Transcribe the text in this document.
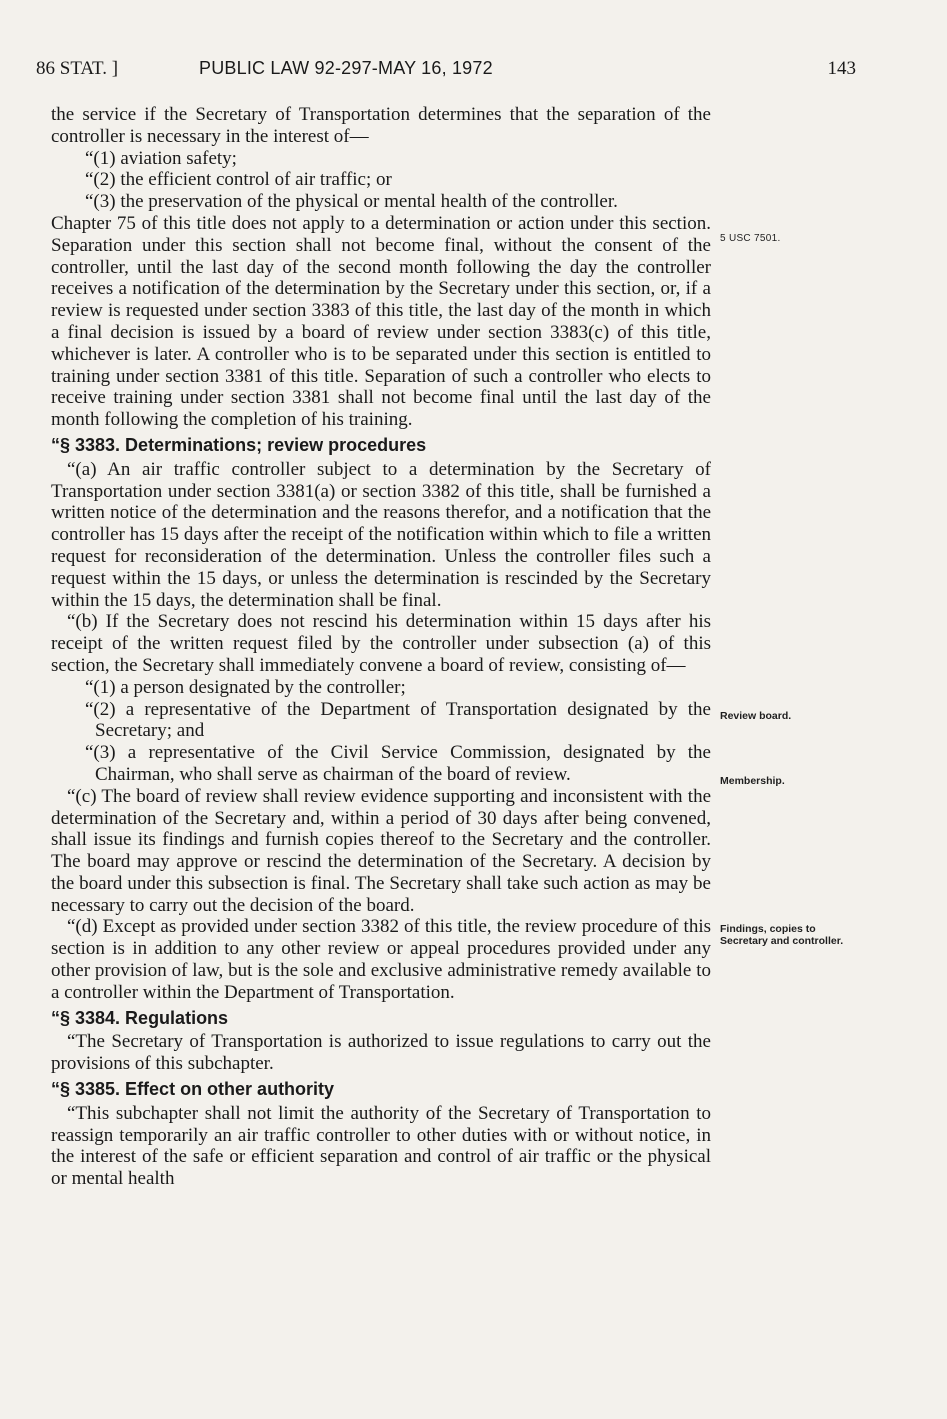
86 STAT. ]	PUBLIC LAW 92-297-MAY 16, 1972	143

the service if the Secretary of Transportation determines that the separation of the controller is necessary in the interest of—

“(1) aviation safety;

“(2) the efficient control of air traffic; or

“(3) the preservation of the physical or mental health of the controller.

Chapter 75 of this title does not apply to a determination or action under this section. Separation under this section shall not become final, without the consent of the controller, until the last day of the second month following the day the controller receives a notification of the determination by the Secretary under this section, or, if a review is requested under section 3383 of this title, the last day of the month in which a final decision is issued by a board of review under section 3383(c) of this title, whichever is later. A controller who is to be separated under this section is entitled to training under section 3381 of this title. Separation of such a controller who elects to receive training under section 3381 shall not become final until the last day of the month following the completion of his training.

“§ 3383. Determinations; review procedures

“(a) An air traffic controller subject to a determination by the Secretary of Transportation under section 3381(a) or section 3382 of this title, shall be furnished a written notice of the determination and the reasons therefor, and a notification that the controller has 15 days after the receipt of the notification within which to file a written request for reconsideration of the determination. Unless the controller files such a request within the 15 days, or unless the determination is rescinded by the Secretary within the 15 days, the determination shall be final.

“(b) If the Secretary does not rescind his determination within 15 days after his receipt of the written request filed by the controller under subsection (a) of this section, the Secretary shall immediately convene a board of review, consisting of—

“(1) a person designated by the controller;

“(2) a representative of the Department of Transportation designated by the Secretary; and

“(3) a representative of the Civil Service Commission, designated by the Chairman, who shall serve as chairman of the board of review.

“(c) The board of review shall review evidence supporting and inconsistent with the determination of the Secretary and, within a period of 30 days after being convened, shall issue its findings and furnish copies thereof to the Secretary and the controller. The board may approve or rescind the determination of the Secretary. A decision by the board under this subsection is final. The Secretary shall take such action as may be necessary to carry out the decision of the board.

“(d) Except as provided under section 3382 of this title, the review procedure of this section is in addition to any other review or appeal procedures provided under any other provision of law, but is the sole and exclusive administrative remedy available to a controller within the Department of Transportation.

“§ 3384. Regulations

“The Secretary of Transportation is authorized to issue regulations to carry out the provisions of this subchapter.

“§ 3385. Effect on other authority

“This subchapter shall not limit the authority of the Secretary of Transportation to reassign temporarily an air traffic controller to other duties with or without notice, in the interest of the safe or efficient separation and control of air traffic or the physical or mental health

5 USC 7501.
Review board.
Membership.
Findings, copies to Secretary and controller.
